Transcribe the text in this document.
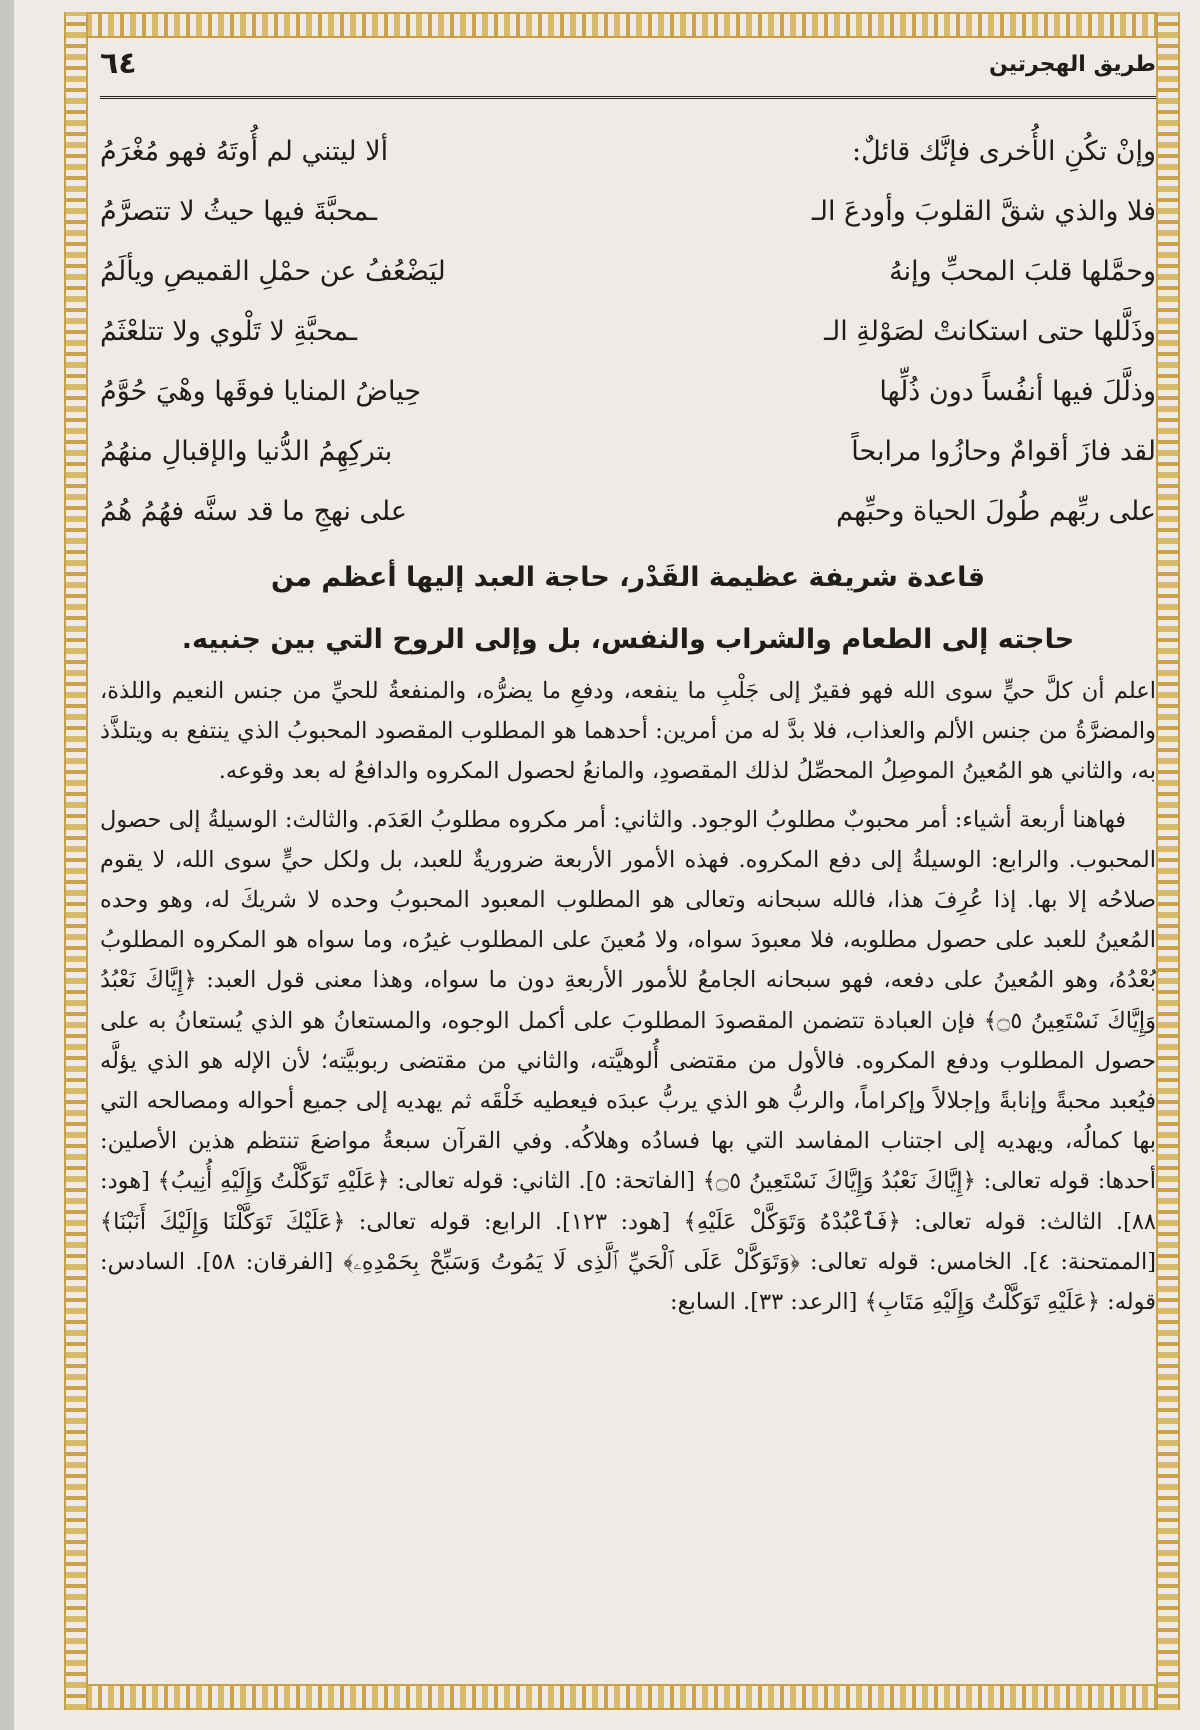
طريق الهجرتين
٦٤
وإنْ تكُنِ الأُخرى فإنَّك قائلٌ:
ألا ليتني لم أُوتَهُ فهو مُغْرَمُ
فلا والذي شقَّ القلوبَ وأودعَ الـ
ـمحبَّةَ فيها حيثُ لا تتصرَّمُ
وحمَّلها قلبَ المحبِّ وإنهُ
ليَضْعُفُ عن حمْلِ القميصِ ويألَمُ
وذَلَّلها حتى استكانتْ لصَوْلةِ الـ
ـمحبَّةِ لا تَلْوي ولا تتلعْثَمُ
وذلَّلَ فيها أنفُساً دون ذُلِّها
حِياضُ المنايا فوقَها وهْيَ حُوَّمُ
لقد فازَ أقوامٌ وحازُوا مرابحاً
بتركِهِمُ الدُّنيا والإقبالِ منهُمُ
على ربِّهم طُولَ الحياة وحبِّهم
على نهجِ ما قد سنَّه فهُمُ هُمُ
قاعدة شريفة عظيمة القَدْر، حاجة العبد إليها أعظم من
حاجته إلى الطعام والشراب والنفس، بل وإلى الروح التي بين جنبيه.

اعلم أن كلَّ حيٍّ سوى الله فهو فقيرٌ إلى جَلْبِ ما ينفعه، ودفعِ ما يضرُّه، والمنفعةُ للحيِّ من جنس النعيم واللذة، والمضرَّةُ من جنس الألم والعذاب، فلا بدَّ له من أمرين: أحدهما هو المطلوب المقصود المحبوبُ الذي ينتفع به ويتلذَّذ به، والثاني هو المُعينُ الموصِلُ المحصِّلُ لذلك المقصودِ، والمانعُ لحصول المكروه والدافعُ له بعد وقوعه.

فهاهنا أربعة أشياء: أمر محبوبٌ مطلوبُ الوجود. والثاني: أمر مكروه مطلوبُ العَدَم. والثالث: الوسيلةُ إلى حصول المحبوب. والرابع: الوسيلةُ إلى دفع المكروه. فهذه الأمور الأربعة ضروريةٌ للعبد، بل ولكل حيٍّ سوى الله، لا يقوم صلاحُه إلا بها. إذا عُرِفَ هذا، فالله سبحانه وتعالى هو المطلوب المعبود المحبوبُ وحده لا شريكَ له، وهو وحده المُعينُ للعبد على حصول مطلوبه، فلا معبودَ سواه، ولا مُعينَ على المطلوب غيرُه، وما سواه هو المكروه المطلوبُ بُعْدُهُ، وهو المُعينُ على دفعه، فهو سبحانه الجامعُ للأمور الأربعةِ دون ما سواه، وهذا معنى قول العبد: ﴿إِيَّاكَ نَعْبُدُ وَإِيَّاكَ نَسْتَعِينُ ۝٥﴾ فإن العبادة تتضمن المقصودَ المطلوبَ على أكمل الوجوه، والمستعانُ هو الذي يُستعانُ به على حصول المطلوب ودفع المكروه. فالأول من مقتضى أُلوهيَّته، والثاني من مقتضى ربوبيَّته؛ لأن الإله هو الذي يؤلَّه فيُعبد محبةً وإنابةً وإجلالاً وإكراماً، والربُّ هو الذي يربُّ عبدَه فيعطيه خَلْقَه ثم يهديه إلى جميع أحواله ومصالحه التي بها كمالُه، ويهديه إلى اجتناب المفاسد التي بها فسادُه وهلاكُه. وفي القرآن سبعةُ مواضعَ تنتظم هذين الأصلين: أحدها: قوله تعالى: ﴿إِيَّاكَ نَعْبُدُ وَإِيَّاكَ نَسْتَعِينُ ۝٥﴾ [الفاتحة: ٥]. الثاني: قوله تعالى: ﴿عَلَيْهِ تَوَكَّلْتُ وَإِلَيْهِ أُنِيبُ﴾ [هود: ٨٨]. الثالث: قوله تعالى: ﴿فَٱعْبُدْهُ وَتَوَكَّلْ عَلَيْهِ﴾ [هود: ١٢٣]. الرابع: قوله تعالى: ﴿عَلَيْكَ تَوَكَّلْنَا وَإِلَيْكَ أَنَبْنَا﴾ [الممتحنة: ٤]. الخامس: قوله تعالى: ﴿وَتَوَكَّلْ عَلَى ٱلْحَيِّ ٱلَّذِى لَا يَمُوتُ وَسَبِّحْ بِحَمْدِهِۦ﴾ [الفرقان: ٥٨]. السادس: قوله: ﴿عَلَيْهِ تَوَكَّلْتُ وَإِلَيْهِ مَتَابِ﴾ [الرعد: ٣٣]. السابع:
